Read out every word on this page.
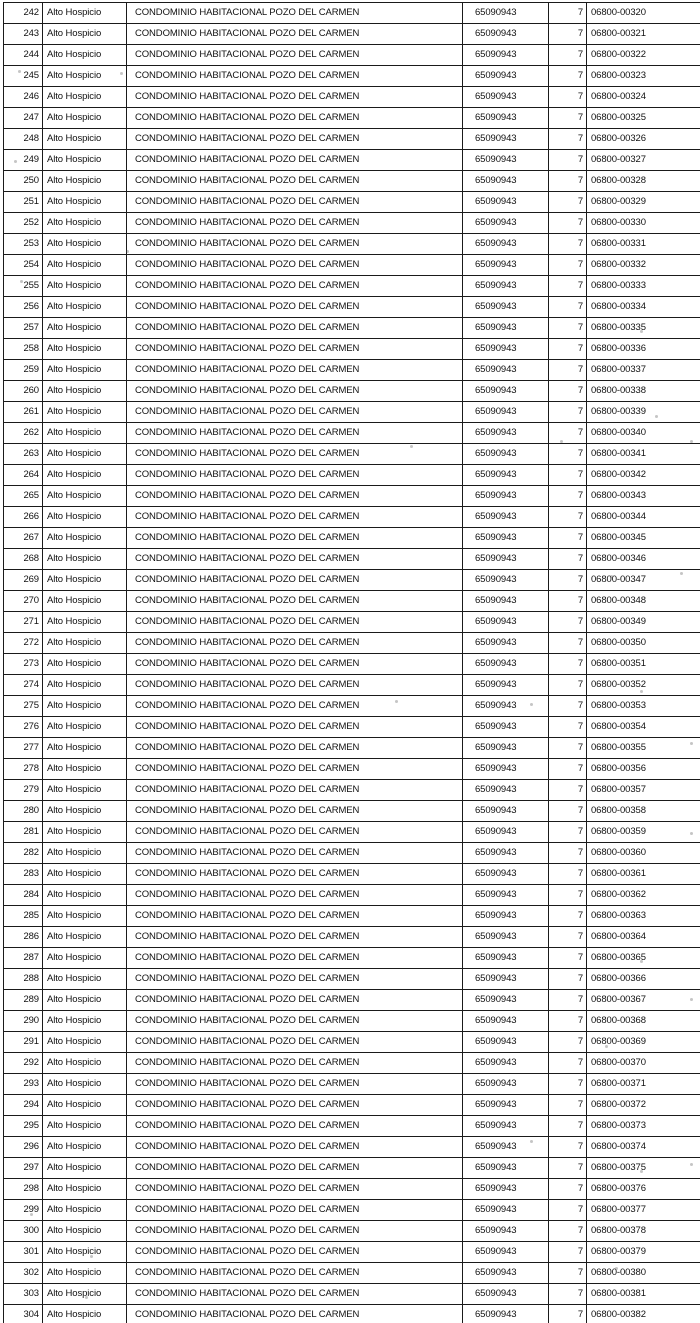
242	Alto Hospicio	CONDOMINIO HABITACIONAL POZO DEL CARMEN	65090943	7	06800-00320
243	Alto Hospicio	CONDOMINIO HABITACIONAL POZO DEL CARMEN	65090943	7	06800-00321
244	Alto Hospicio	CONDOMINIO HABITACIONAL POZO DEL CARMEN	65090943	7	06800-00322
245	Alto Hospicio	CONDOMINIO HABITACIONAL POZO DEL CARMEN	65090943	7	06800-00323
246	Alto Hospicio	CONDOMINIO HABITACIONAL POZO DEL CARMEN	65090943	7	06800-00324
247	Alto Hospicio	CONDOMINIO HABITACIONAL POZO DEL CARMEN	65090943	7	06800-00325
248	Alto Hospicio	CONDOMINIO HABITACIONAL POZO DEL CARMEN	65090943	7	06800-00326
249	Alto Hospicio	CONDOMINIO HABITACIONAL POZO DEL CARMEN	65090943	7	06800-00327
250	Alto Hospicio	CONDOMINIO HABITACIONAL POZO DEL CARMEN	65090943	7	06800-00328
251	Alto Hospicio	CONDOMINIO HABITACIONAL POZO DEL CARMEN	65090943	7	06800-00329
252	Alto Hospicio	CONDOMINIO HABITACIONAL POZO DEL CARMEN	65090943	7	06800-00330
253	Alto Hospicio	CONDOMINIO HABITACIONAL POZO DEL CARMEN	65090943	7	06800-00331
254	Alto Hospicio	CONDOMINIO HABITACIONAL POZO DEL CARMEN	65090943	7	06800-00332
255	Alto Hospicio	CONDOMINIO HABITACIONAL POZO DEL CARMEN	65090943	7	06800-00333
256	Alto Hospicio	CONDOMINIO HABITACIONAL POZO DEL CARMEN	65090943	7	06800-00334
257	Alto Hospicio	CONDOMINIO HABITACIONAL POZO DEL CARMEN	65090943	7	06800-00335
258	Alto Hospicio	CONDOMINIO HABITACIONAL POZO DEL CARMEN	65090943	7	06800-00336
259	Alto Hospicio	CONDOMINIO HABITACIONAL POZO DEL CARMEN	65090943	7	06800-00337
260	Alto Hospicio	CONDOMINIO HABITACIONAL POZO DEL CARMEN	65090943	7	06800-00338
261	Alto Hospicio	CONDOMINIO HABITACIONAL POZO DEL CARMEN	65090943	7	06800-00339
262	Alto Hospicio	CONDOMINIO HABITACIONAL POZO DEL CARMEN	65090943	7	06800-00340
263	Alto Hospicio	CONDOMINIO HABITACIONAL POZO DEL CARMEN	65090943	7	06800-00341
264	Alto Hospicio	CONDOMINIO HABITACIONAL POZO DEL CARMEN	65090943	7	06800-00342
265	Alto Hospicio	CONDOMINIO HABITACIONAL POZO DEL CARMEN	65090943	7	06800-00343
266	Alto Hospicio	CONDOMINIO HABITACIONAL POZO DEL CARMEN	65090943	7	06800-00344
267	Alto Hospicio	CONDOMINIO HABITACIONAL POZO DEL CARMEN	65090943	7	06800-00345
268	Alto Hospicio	CONDOMINIO HABITACIONAL POZO DEL CARMEN	65090943	7	06800-00346
269	Alto Hospicio	CONDOMINIO HABITACIONAL POZO DEL CARMEN	65090943	7	06800-00347
270	Alto Hospicio	CONDOMINIO HABITACIONAL POZO DEL CARMEN	65090943	7	06800-00348
271	Alto Hospicio	CONDOMINIO HABITACIONAL POZO DEL CARMEN	65090943	7	06800-00349
272	Alto Hospicio	CONDOMINIO HABITACIONAL POZO DEL CARMEN	65090943	7	06800-00350
273	Alto Hospicio	CONDOMINIO HABITACIONAL POZO DEL CARMEN	65090943	7	06800-00351
274	Alto Hospicio	CONDOMINIO HABITACIONAL POZO DEL CARMEN	65090943	7	06800-00352
275	Alto Hospicio	CONDOMINIO HABITACIONAL POZO DEL CARMEN	65090943	7	06800-00353
276	Alto Hospicio	CONDOMINIO HABITACIONAL POZO DEL CARMEN	65090943	7	06800-00354
277	Alto Hospicio	CONDOMINIO HABITACIONAL POZO DEL CARMEN	65090943	7	06800-00355
278	Alto Hospicio	CONDOMINIO HABITACIONAL POZO DEL CARMEN	65090943	7	06800-00356
279	Alto Hospicio	CONDOMINIO HABITACIONAL POZO DEL CARMEN	65090943	7	06800-00357
280	Alto Hospicio	CONDOMINIO HABITACIONAL POZO DEL CARMEN	65090943	7	06800-00358
281	Alto Hospicio	CONDOMINIO HABITACIONAL POZO DEL CARMEN	65090943	7	06800-00359
282	Alto Hospicio	CONDOMINIO HABITACIONAL POZO DEL CARMEN	65090943	7	06800-00360
283	Alto Hospicio	CONDOMINIO HABITACIONAL POZO DEL CARMEN	65090943	7	06800-00361
284	Alto Hospicio	CONDOMINIO HABITACIONAL POZO DEL CARMEN	65090943	7	06800-00362
285	Alto Hospicio	CONDOMINIO HABITACIONAL POZO DEL CARMEN	65090943	7	06800-00363
286	Alto Hospicio	CONDOMINIO HABITACIONAL POZO DEL CARMEN	65090943	7	06800-00364
287	Alto Hospicio	CONDOMINIO HABITACIONAL POZO DEL CARMEN	65090943	7	06800-00365
288	Alto Hospicio	CONDOMINIO HABITACIONAL POZO DEL CARMEN	65090943	7	06800-00366
289	Alto Hospicio	CONDOMINIO HABITACIONAL POZO DEL CARMEN	65090943	7	06800-00367
290	Alto Hospicio	CONDOMINIO HABITACIONAL POZO DEL CARMEN	65090943	7	06800-00368
291	Alto Hospicio	CONDOMINIO HABITACIONAL POZO DEL CARMEN	65090943	7	06800-00369
292	Alto Hospicio	CONDOMINIO HABITACIONAL POZO DEL CARMEN	65090943	7	06800-00370
293	Alto Hospicio	CONDOMINIO HABITACIONAL POZO DEL CARMEN	65090943	7	06800-00371
294	Alto Hospicio	CONDOMINIO HABITACIONAL POZO DEL CARMEN	65090943	7	06800-00372
295	Alto Hospicio	CONDOMINIO HABITACIONAL POZO DEL CARMEN	65090943	7	06800-00373
296	Alto Hospicio	CONDOMINIO HABITACIONAL POZO DEL CARMEN	65090943	7	06800-00374
297	Alto Hospicio	CONDOMINIO HABITACIONAL POZO DEL CARMEN	65090943	7	06800-00375
298	Alto Hospicio	CONDOMINIO HABITACIONAL POZO DEL CARMEN	65090943	7	06800-00376
299	Alto Hospicio	CONDOMINIO HABITACIONAL POZO DEL CARMEN	65090943	7	06800-00377
300	Alto Hospicio	CONDOMINIO HABITACIONAL POZO DEL CARMEN	65090943	7	06800-00378
301	Alto Hospicio	CONDOMINIO HABITACIONAL POZO DEL CARMEN	65090943	7	06800-00379
302	Alto Hospicio	CONDOMINIO HABITACIONAL POZO DEL CARMEN	65090943	7	06800-00380
303	Alto Hospicio	CONDOMINIO HABITACIONAL POZO DEL CARMEN	65090943	7	06800-00381
304	Alto Hospicio	CONDOMINIO HABITACIONAL POZO DEL CARMEN	65090943	7	06800-00382
